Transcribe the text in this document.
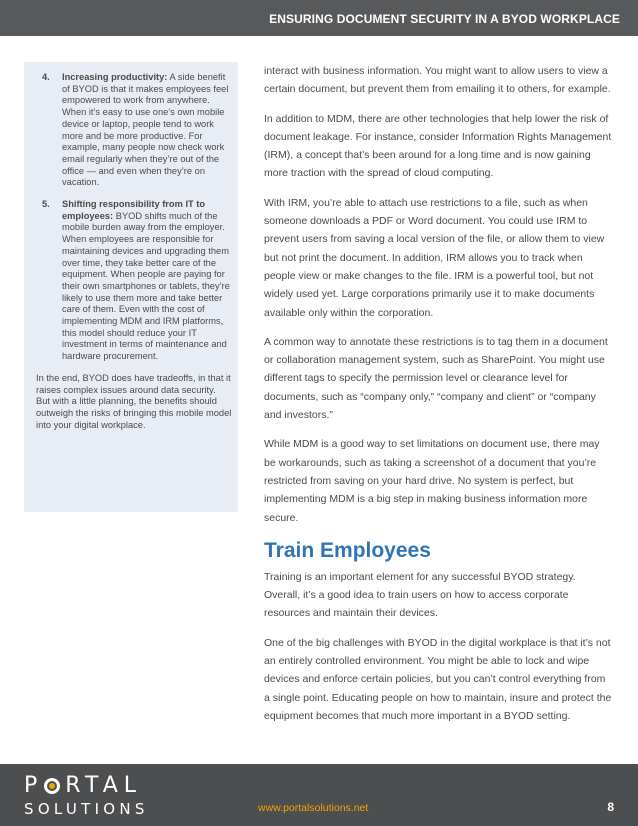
ENSURING DOCUMENT SECURITY IN A BYOD WORKPLACE
4. Increasing productivity: A side benefit of BYOD is that it makes employees feel empowered to work from anywhere. When it’s easy to use one’s own mobile device or laptop, people tend to work more and be more productive. For example, many people now check work email regularly when they’re out of the office — and even when they’re on vacation.
5. Shifting responsibility from IT to employees: BYOD shifts much of the mobile burden away from the employer. When employees are responsible for maintaining devices and upgrading them over time, they take better care of the equipment. When people are paying for their own smartphones or tablets, they’re likely to use them more and take better care of them. Even with the cost of implementing MDM and IRM platforms, this model should reduce your IT investment in terms of maintenance and hardware procurement.
In the end, BYOD does have tradeoffs, in that it raises complex issues around data security. But with a little planning, the benefits should outweigh the risks of bringing this mobile model into your digital workplace.

interact with business information. You might want to allow users to view a certain document, but prevent them from emailing it to others, for example.

In addition to MDM, there are other technologies that help lower the risk of document leakage. For instance, consider Information Rights Management (IRM), a concept that’s been around for a long time and is now gaining more traction with the spread of cloud computing.

With IRM, you’re able to attach use restrictions to a file, such as when someone downloads a PDF or Word document. You could use IRM to prevent users from saving a local version of the file, or allow them to view but not print the document. In addition, IRM allows you to track when people view or make changes to the file. IRM is a powerful tool, but not widely used yet. Large corporations primarily use it to make documents available only within the corporation.

A common way to annotate these restrictions is to tag them in a document or collaboration management system, such as SharePoint. You might use different tags to specify the permission level or clearance level for documents, such as “company only,” “company and client” or “company and investors.”

While MDM is a good way to set limitations on document use, there may be workarounds, such as taking a screenshot of a document that you’re restricted from saving on your hard drive. No system is perfect, but implementing MDM is a big step in making business information more secure.

Train Employees

Training is an important element for any successful BYOD strategy. Overall, it’s a good idea to train users on how to access corporate resources and maintain their devices.

One of the big challenges with BYOD in the digital workplace is that it’s not an entirely controlled environment. You might be able to lock and wipe devices and enforce certain policies, but you can’t control everything from a single point. Educating people on how to maintain, insure and protect the equipment becomes that much more important in a BYOD setting.

P RTAL
SOLUTIONS	www.portalsolutions.net	8
